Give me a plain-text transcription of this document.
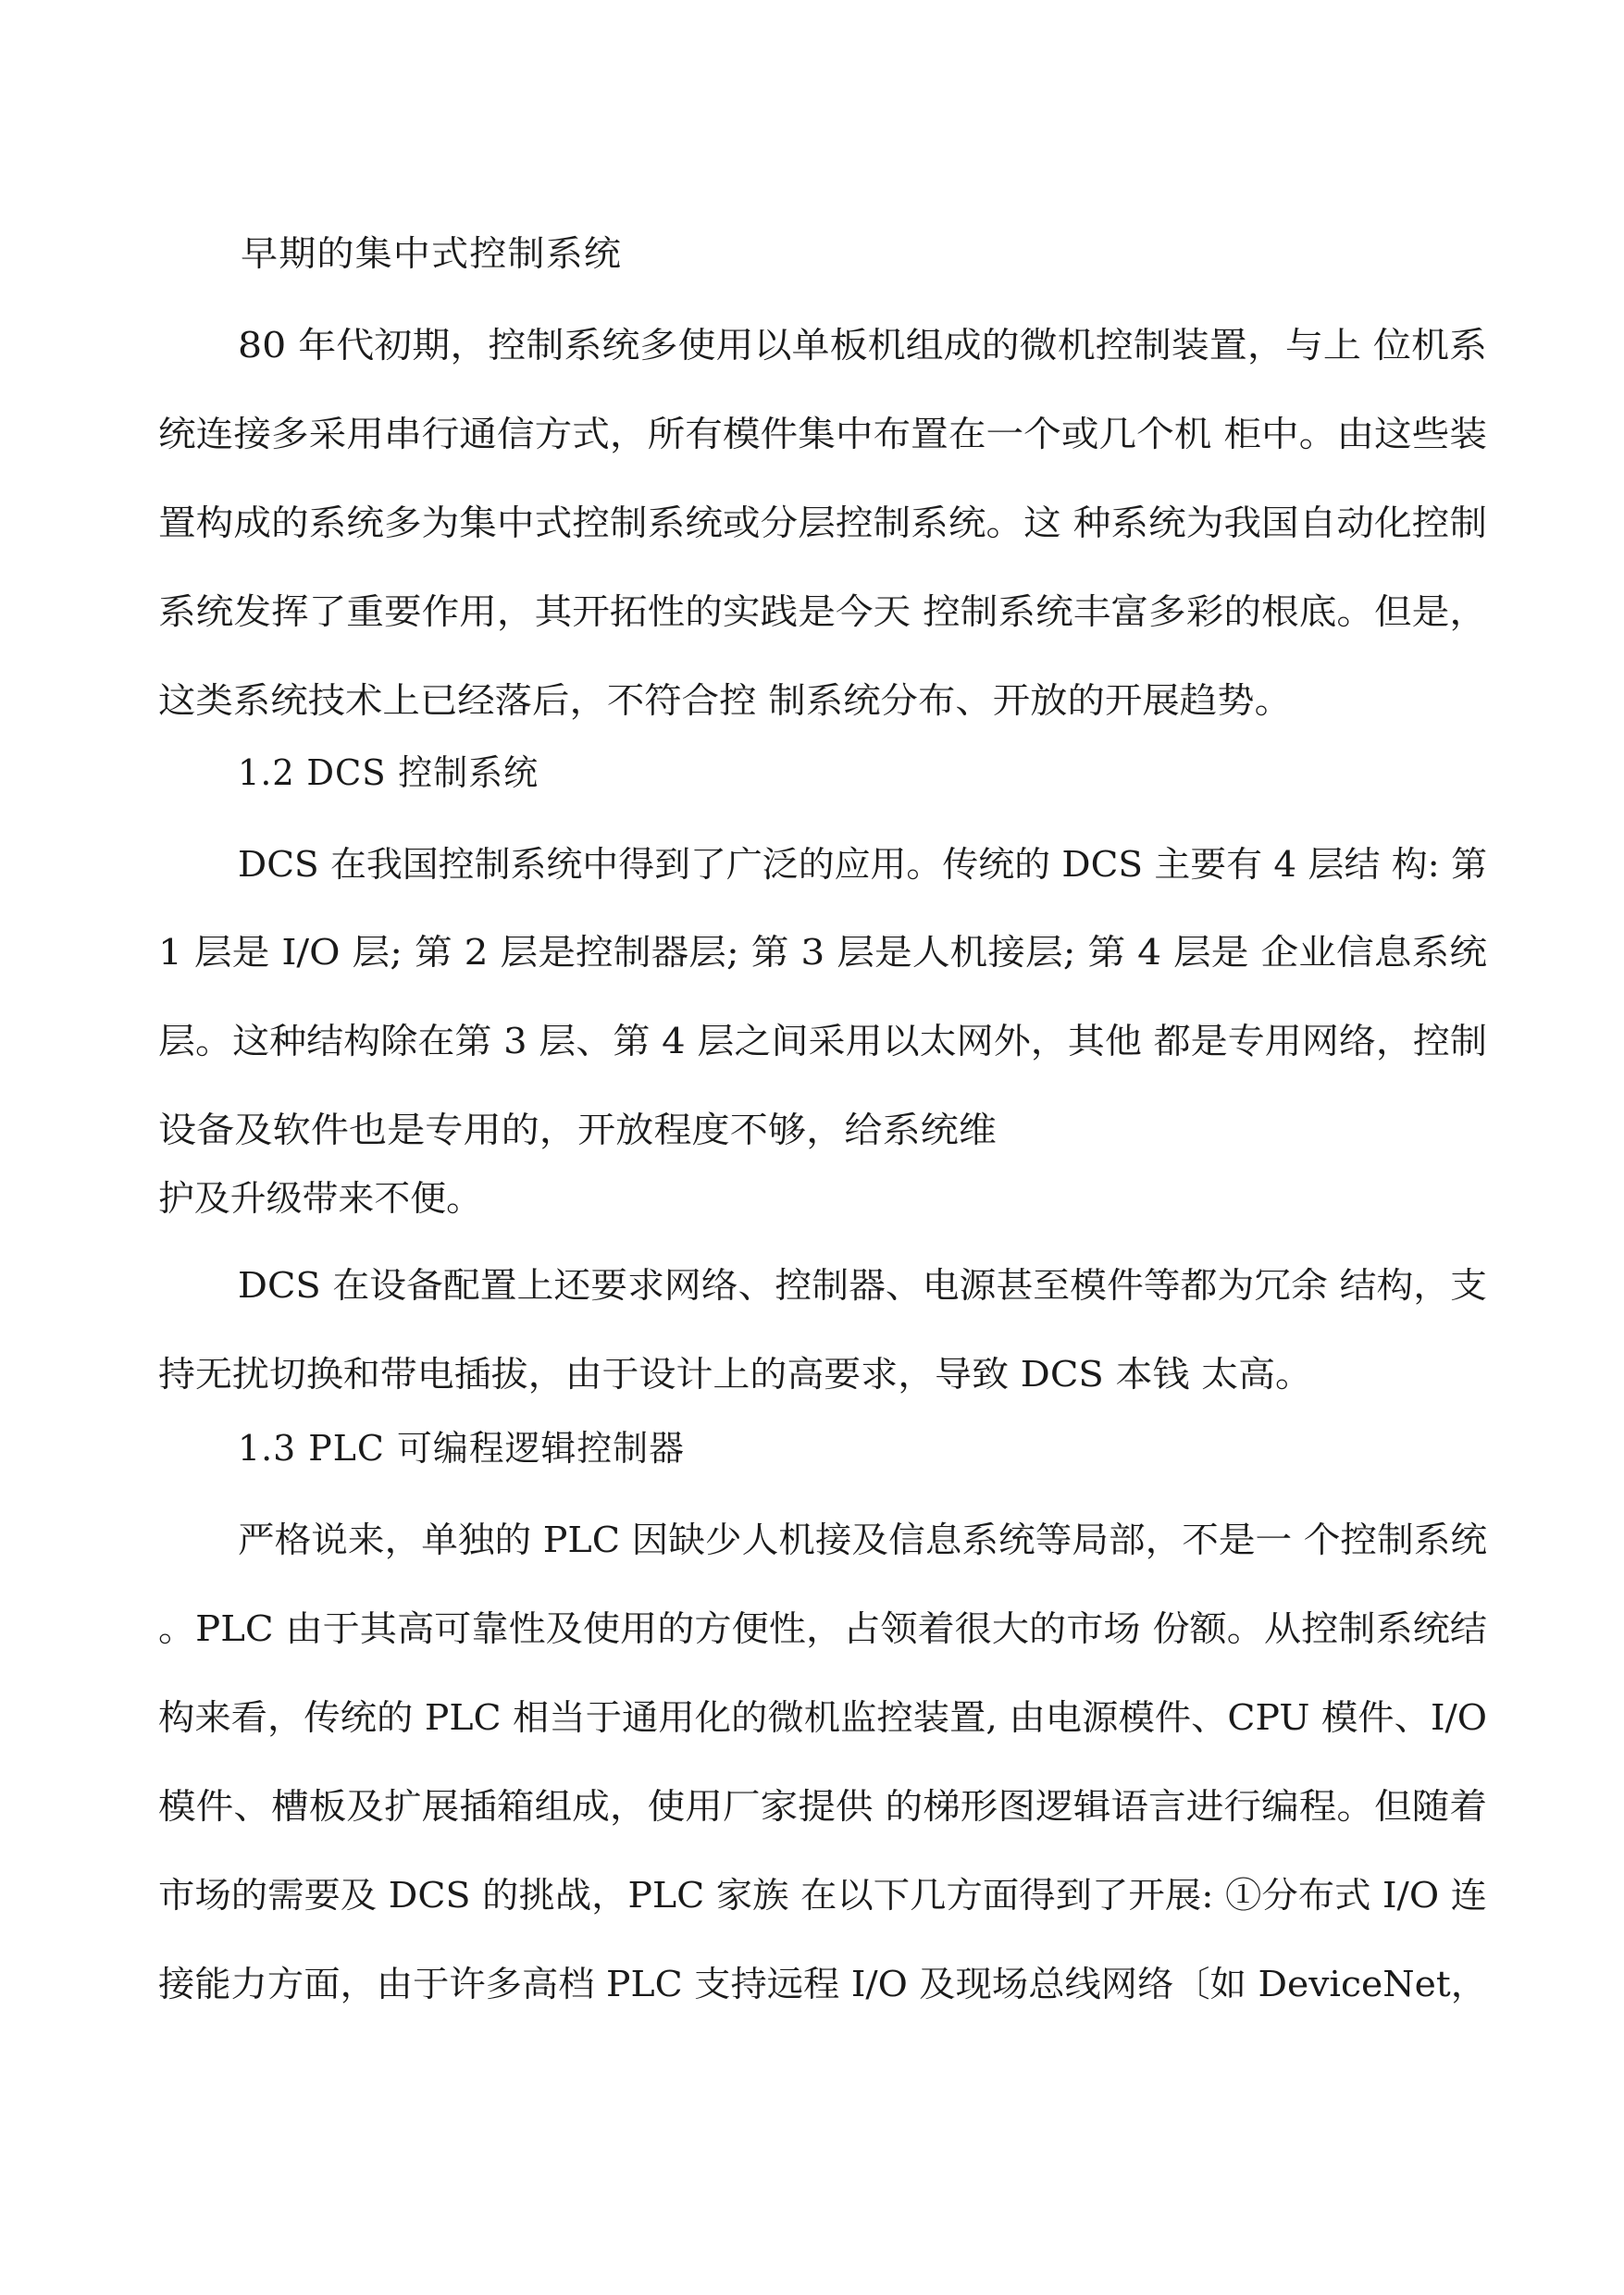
早期的集中式控制系统
80 年代初期，控制系统多使用以单板机组成的微机控制装置，与上 位机系
统连接多采用串行通信方式，所有模件集中布置在一个或几个机 柜中。由这些装
置构成的系统多为集中式控制系统或分层控制系统。这 种系统为我国自动化控制
系统发挥了重要作用，其开拓性的实践是今天 控制系统丰富多彩的根底。但是，
这类系统技术上已经落后，不符合控 制系统分布、开放的开展趋势。
1.2 DCS 控制系统
DCS 在我国控制系统中得到了广泛的应用。传统的 DCS 主要有 4 层结 构: 第
1 层是 I/O 层; 第 2 层是控制器层; 第 3 层是人机接层; 第 4 层是 企业信息系统
层。这种结构除在第 3 层、第 4 层之间采用以太网外，其他 都是专用网络，控制
设备及软件也是专用的，开放程度不够，给系统维
护及升级带来不便。
DCS 在设备配置上还要求网络、控制器、电源甚至模件等都为冗余 结构，支
持无扰切换和带电插拔，由于设计上的高要求，导致 DCS 本钱 太高。
1.3 PLC 可编程逻辑控制器
严格说来，单独的 PLC 因缺少人机接及信息系统等局部，不是一 个控制系统
。PLC 由于其高可靠性及使用的方便性，占领着很大的市场 份额。从控制系统结
构来看，传统的 PLC 相当于通用化的微机监控装置, 由电源模件、CPU 模件、I/O
模件、槽板及扩展插箱组成，使用厂家提供 的梯形图逻辑语言进行编程。但随着
市场的需要及 DCS 的挑战，PLC 家族 在以下几方面得到了开展: ①分布式 I/O 连
接能力方面，由于许多高档 PLC 支持远程 I/O 及现场总线网络〔如 DeviceNet，
